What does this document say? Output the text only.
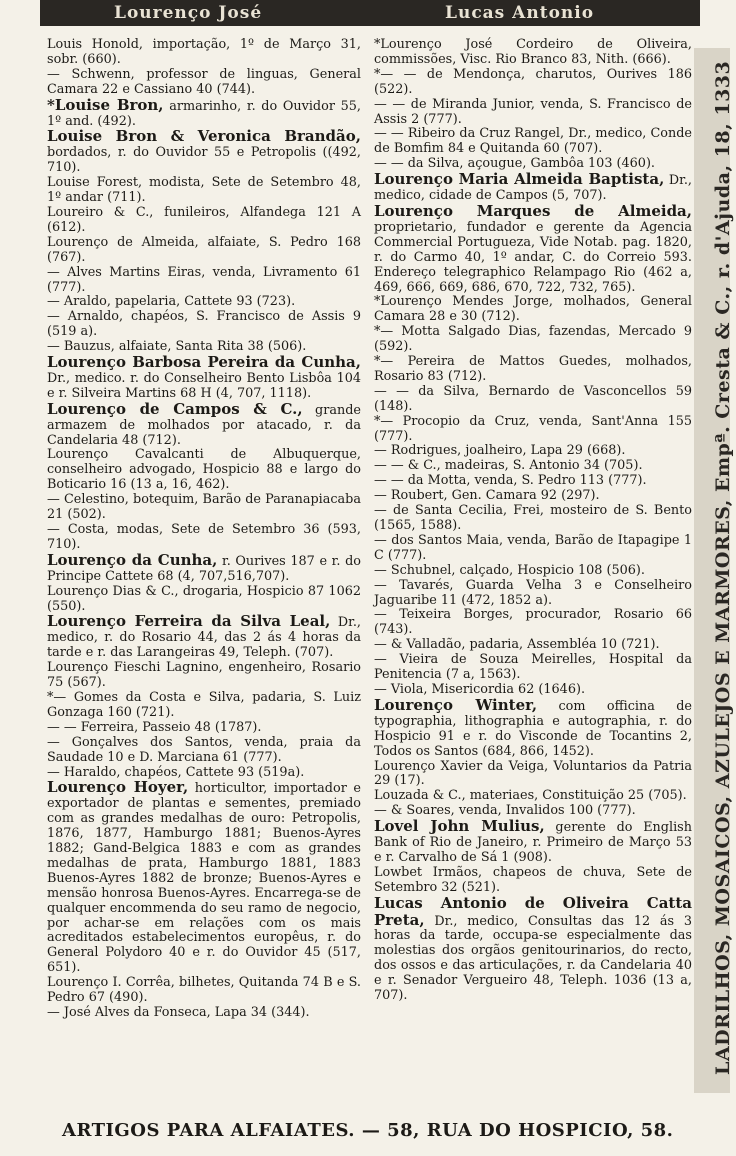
Lourenço José	Lucas Antonio

Louis Honold, importação, 1º de Março 31, sobr. (660).

— Schwenn, professor de linguas, General Camara 22 e Cassiano 40 (744).

*Louise Bron, armarinho, r. do Ouvidor 55, 1º and. (492).

Louise Bron & Veronica Brandão, bordados, r. do Ouvidor 55 e Petropolis ((492, 710).

Louise Forest, modista, Sete de Setembro 48, 1º andar (711).

Loureiro & C., funileiros, Alfandega 121 A (612).

Lourenço de Almeida, alfaiate, S. Pedro 168 (767).

— Alves Martins Eiras, venda, Livramento 61 (777).

— Araldo, papelaria, Cattete 93 (723).

— Arnaldo, chapéos, S. Francisco de Assis 9 (519 a).

— Bauzus, alfaiate, Santa Rita 38 (506).

Lourenço Barbosa Pereira da Cunha, Dr., medico. r. do Conselheiro Bento Lisbôa 104 e r. Silveira Martins 68 H (4, 707, 1118).

Lourenço de Campos & C., grande armazem de molhados por atacado, r. da Candelaria 48 (712).

Lourenço Cavalcanti de Albuquerque, conselheiro advogado, Hospicio 88 e largo do Boticario 16 (13 a, 16, 462).

— Celestino, botequim, Barão de Paranapiacaba 21 (502).

— Costa, modas, Sete de Setembro 36 (593, 710).

Lourenço da Cunha, r. Ourives 187 e r. do Principe Cattete 68 (4, 707,516,707).

Lourenço Dias & C., drogaria, Hospicio 87 1062 (550).

Lourenço Ferreira da Silva Leal, Dr., medico, r. do Rosario 44, das 2 ás 4 horas da tarde e r. das Larangeiras 49, Teleph. (707).

Lourenço Fieschi Lagnino, engenheiro, Rosario 75 (567).

*— Gomes da Costa e Silva, padaria, S. Luiz Gonzaga 160 (721).

— — Ferreira, Passeio 48 (1787).

— Gonçalves dos Santos, venda, praia da Saudade 10 e D. Marciana 61 (777).

— Haraldo, chapéos, Cattete 93 (519a).

Lourenço Hoyer, horticultor, importador e exportador de plantas e sementes, premiado com as grandes medalhas de ouro: Petropolis, 1876, 1877, Hamburgo 1881; Buenos-Ayres 1882; Gand-Belgica 1883 e com as grandes medalhas de prata, Hamburgo 1881, 1883 Buenos-Ayres 1882 de bronze; Buenos-Ayres e mensão honrosa Buenos-Ayres. Encarrega-se de qualquer encommenda do seu ramo de negocio, por achar-se em relações com os mais acreditados estabelecimentos europêus, r. do General Polydoro 40 e r. do Ouvidor 45 (517, 651).

Lourenço I. Corrêa, bilhetes, Quitanda 74 B e S. Pedro 67 (490).

— José Alves da Fonseca, Lapa 34 (344).

*Lourenço José Cordeiro de Oliveira, commissões, Visc. Rio Branco 83, Nith. (666).

*— — de Mendonça, charutos, Ourives 186 (522).

— — de Miranda Junior, venda, S. Francisco de Assis 2 (777).

— — Ribeiro da Cruz Rangel, Dr., medico, Conde de Bomfim 84 e Quitanda 60 (707).

— — da Silva, açougue, Gambôa 103 (460).

Lourenço Maria Almeida Baptista, Dr., medico, cidade de Campos (5, 707).

Lourenço Marques de Almeida, proprietario, fundador e gerente da Agencia Commercial Portugueza, Vide Notab. pag. 1820, r. do Carmo 40, 1º andar, C. do Correio 593. Endereço telegraphico Relampago Rio (462 a, 469, 666, 669, 686, 670, 722, 732, 765).

*Lourenço Mendes Jorge, molhados, General Camara 28 e 30 (712).

*— Motta Salgado Dias, fazendas, Mercado 9 (592).

*— Pereira de Mattos Guedes, molhados, Rosario 83 (712).

— — da Silva, Bernardo de Vasconcellos 59 (148).

*— Procopio da Cruz, venda, Sant'Anna 155 (777).

— Rodrigues, joalheiro, Lapa 29 (668).

— — & C., madeiras, S. Antonio 34 (705).

— — da Motta, venda, S. Pedro 113 (777).

— Roubert, Gen. Camara 92 (297).

— de Santa Cecilia, Frei, mosteiro de S. Bento (1565, 1588).

— dos Santos Maia, venda, Barão de Itapagipe 1 C (777).

— Schubnel, calçado, Hospicio 108 (506).

— Tavarés, Guarda Velha 3 e Conselheiro Jaguaribe 11 (472, 1852 a).

— Teixeira Borges, procurador, Rosario 66 (743).

— & Valladão, padaria, Assembléa 10 (721).

— Vieira de Souza Meirelles, Hospital da Penitencia (7 a, 1563).

— Viola, Misericordia 62 (1646).

Lourenço Winter, com officina de typographia, lithographia e autographia, r. do Hospicio 91 e r. do Visconde de Tocantins 2, Todos os Santos (684, 866, 1452).

Lourenço Xavier da Veiga, Voluntarios da Patria 29 (17).

Louzada & C., materiaes, Constituição 25 (705).

— & Soares, venda, Invalidos 100 (777).

Lovel John Mulius, gerente do English Bank of Rio de Janeiro, r. Primeiro de Março 53 e r. Carvalho de Sá 1 (908).

Lowbet Irmãos, chapeos de chuva, Sete de Setembro 32 (521).

Lucas Antonio de Oliveira Catta Preta, Dr., medico, Consultas das 12 ás 3 horas da tarde, occupa-se especialmente das molestias dos orgãos genitourinarios, do recto, dos ossos e das articulações, r. da Candelaria 40 e r. Senador Vergueiro 48, Teleph. 1036 (13 a, 707).	LADRILHOS, MOSAICOS, AZULEJOS E MARMORES, Empª. Cresta & C., r. d'Ajuda, 18, 1333
ARTIGOS PARA ALFAIATES. — 58, RUA DO HOSPICIO, 58.
